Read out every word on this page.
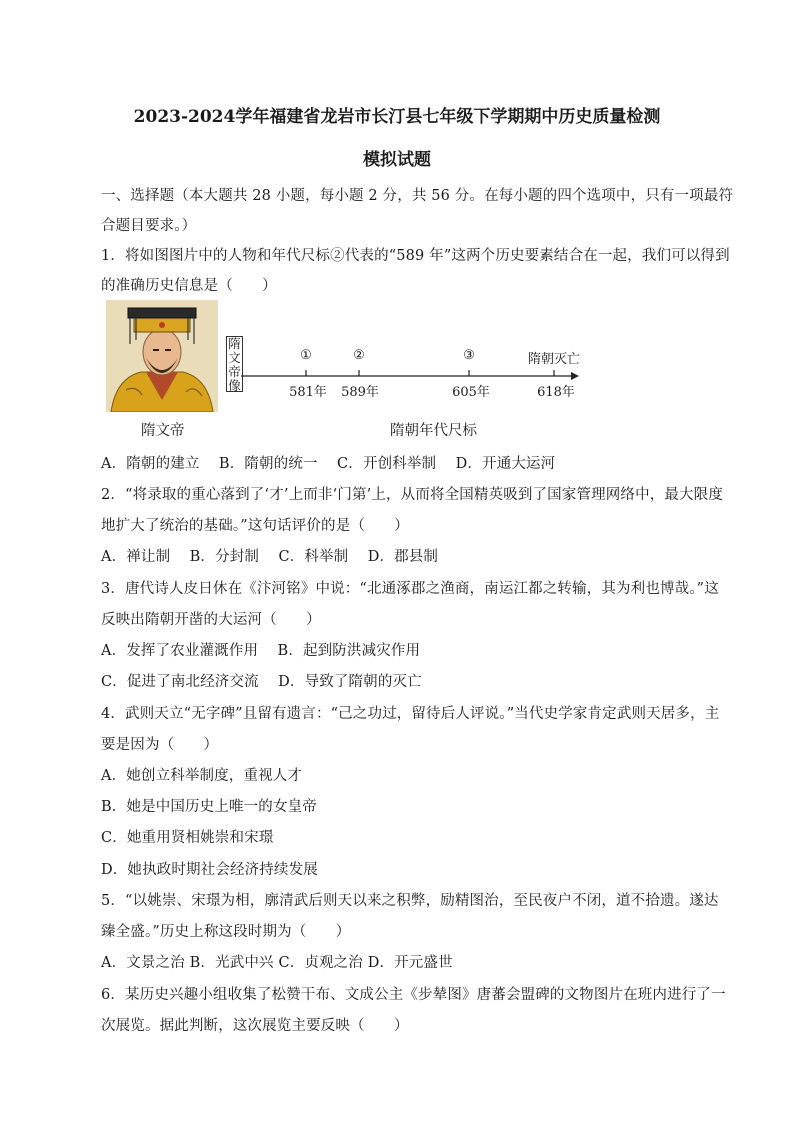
2023-2024学年福建省龙岩市长汀县七年级下学期期中历史质量检测
模拟试题
一、选择题（本大题共 28 小题，每小题 2 分，共 56 分。在每小题的四个选项中，只有一项最符
合题目要求。）
1．将如图图片中的人物和年代尺标②代表的“589 年”这两个历史要素结合在一起，我们可以得到
的准确历史信息是（　　）
隋
文
帝
像
①	②	③	隋朝灭亡
581年 589年	605年	618年
隋文帝	隋朝年代尺标
A．隋朝的建立　 B．隋朝的统一　 C．开创科举制　 D．开通大运河
2．“将录取的重心落到了‘才’上而非‘门第’上，从而将全国精英吸到了国家管理网络中，最大限度
地扩大了统治的基础。”这句话评价的是（　　）
A．禅让制　 B．分封制　 C．科举制　 D．郡县制
3．唐代诗人皮日休在《汴河铭》中说：“北通涿郡之渔商，南运江都之转输，其为利也博哉。”这
反映出隋朝开凿的大运河（　　）
A．发挥了农业灌溉作用　 B．起到防洪减灾作用
C．促进了南北经济交流　 D．导致了隋朝的灭亡
4．武则天立“无字碑”且留有遗言：“己之功过，留待后人评说。”当代史学家肯定武则天居多，主
要是因为（　　）
A．她创立科举制度，重视人才
B．她是中国历史上唯一的女皇帝
C．她重用贤相姚崇和宋璟
D．她执政时期社会经济持续发展
5．“以姚崇、宋璟为相，廓清武后则天以来之积弊，励精图治，至民夜户不闭，道不拾遗。遂达
臻全盛。”历史上称这段时期为（　　）
A．文景之治 B．光武中兴 C．贞观之治 D．开元盛世
6．某历史兴趣小组收集了松赞干布、文成公主《步辇图》唐蕃会盟碑的文物图片在班内进行了一
次展览。据此判断，这次展览主要反映（　　）
